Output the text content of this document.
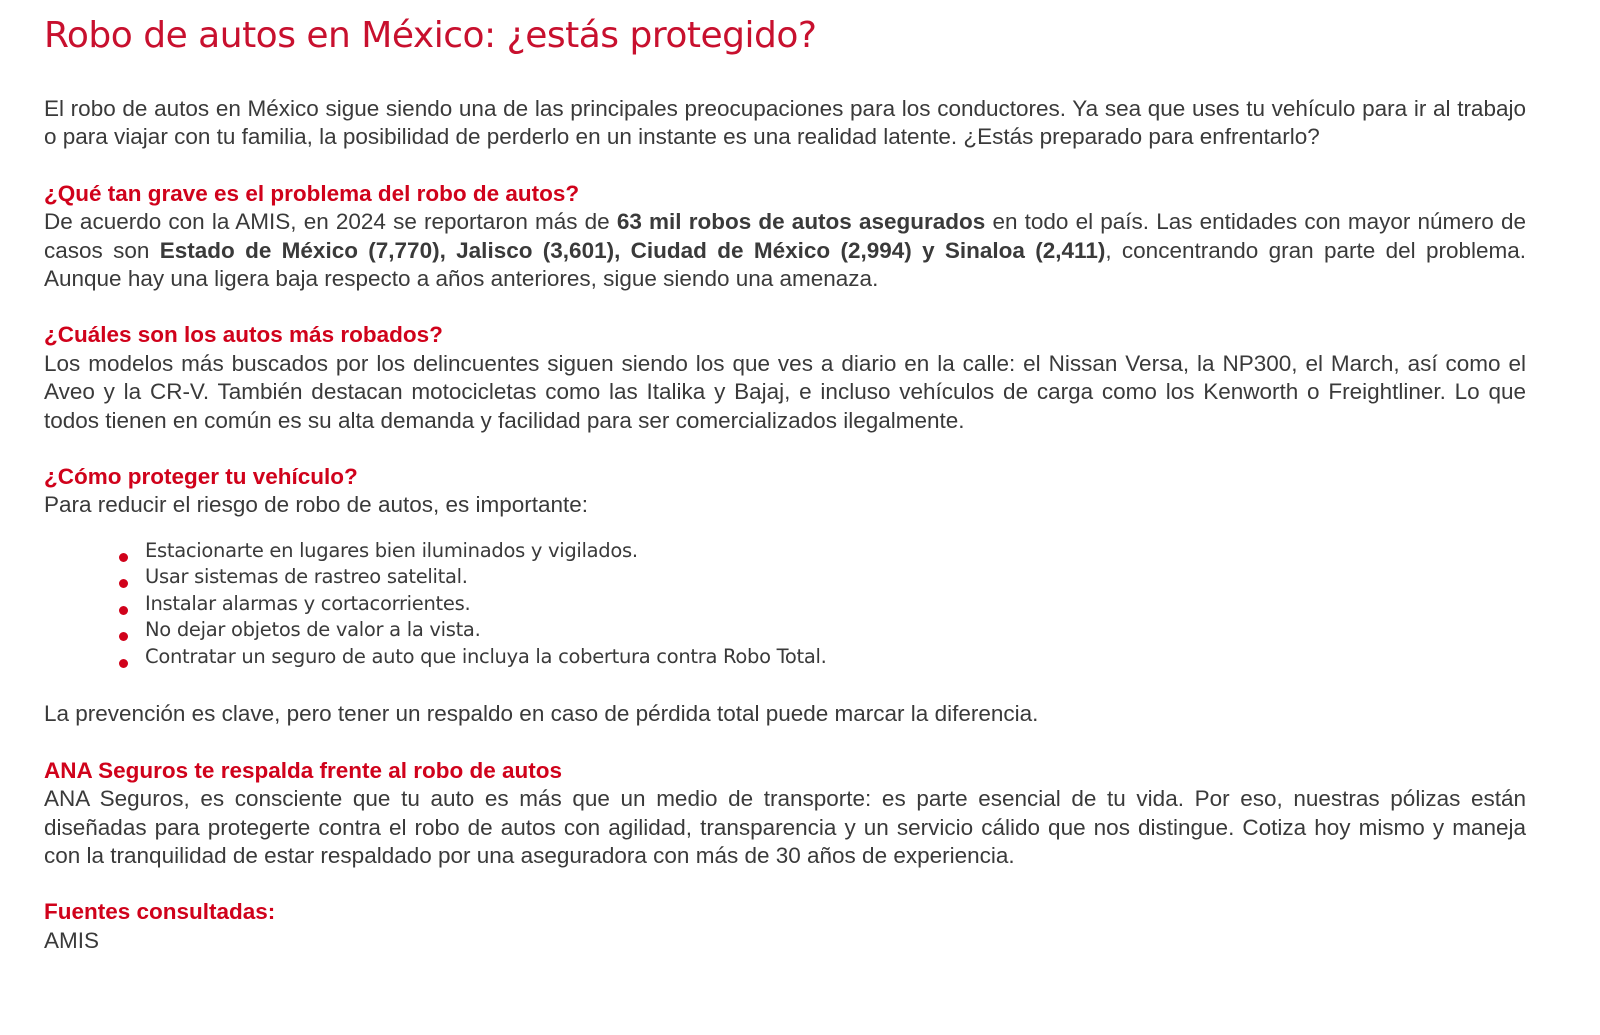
Robo de autos en México: ¿estás protegido?

El robo de autos en México sigue siendo una de las principales preocupaciones para los conductores. Ya sea que uses tu vehículo para ir al trabajo o para viajar con tu familia, la posibilidad de perderlo en un instante es una realidad latente. ¿Estás preparado para enfrentarlo?

¿Qué tan grave es el problema del robo de autos?

De acuerdo con la AMIS, en 2024 se reportaron más de 63 mil robos de autos asegurados en todo el país. Las entidades con mayor número de casos son Estado de México (7,770), Jalisco (3,601), Ciudad de México (2,994) y Sinaloa (2,411), concentrando gran parte del problema. Aunque hay una ligera baja respecto a años anteriores, sigue siendo una amenaza.

¿Cuáles son los autos más robados?

Los modelos más buscados por los delincuentes siguen siendo los que ves a diario en la calle: el Nissan Versa, la NP300, el March, así como el Aveo y la CR-V. También destacan motocicletas como las Italika y Bajaj, e incluso vehículos de carga como los Kenworth o Freightliner. Lo que todos tienen en común es su alta demanda y facilidad para ser comercializados ilegalmente.

¿Cómo proteger tu vehículo?

Para reducir el riesgo de robo de autos, es importante:

Estacionarte en lugares bien iluminados y vigilados.
Usar sistemas de rastreo satelital.
Instalar alarmas y cortacorrientes.
No dejar objetos de valor a la vista.
Contratar un seguro de auto que incluya la cobertura contra Robo Total.

La prevención es clave, pero tener un respaldo en caso de pérdida total puede marcar la diferencia.

ANA Seguros te respalda frente al robo de autos

ANA Seguros, es consciente que tu auto es más que un medio de transporte: es parte esencial de tu vida. Por eso, nuestras pólizas están diseñadas para protegerte contra el robo de autos con agilidad, transparencia y un servicio cálido que nos distingue. Cotiza hoy mismo y maneja con la tranquilidad de estar respaldado por una aseguradora con más de 30 años de experiencia.

Fuentes consultadas:

AMIS
